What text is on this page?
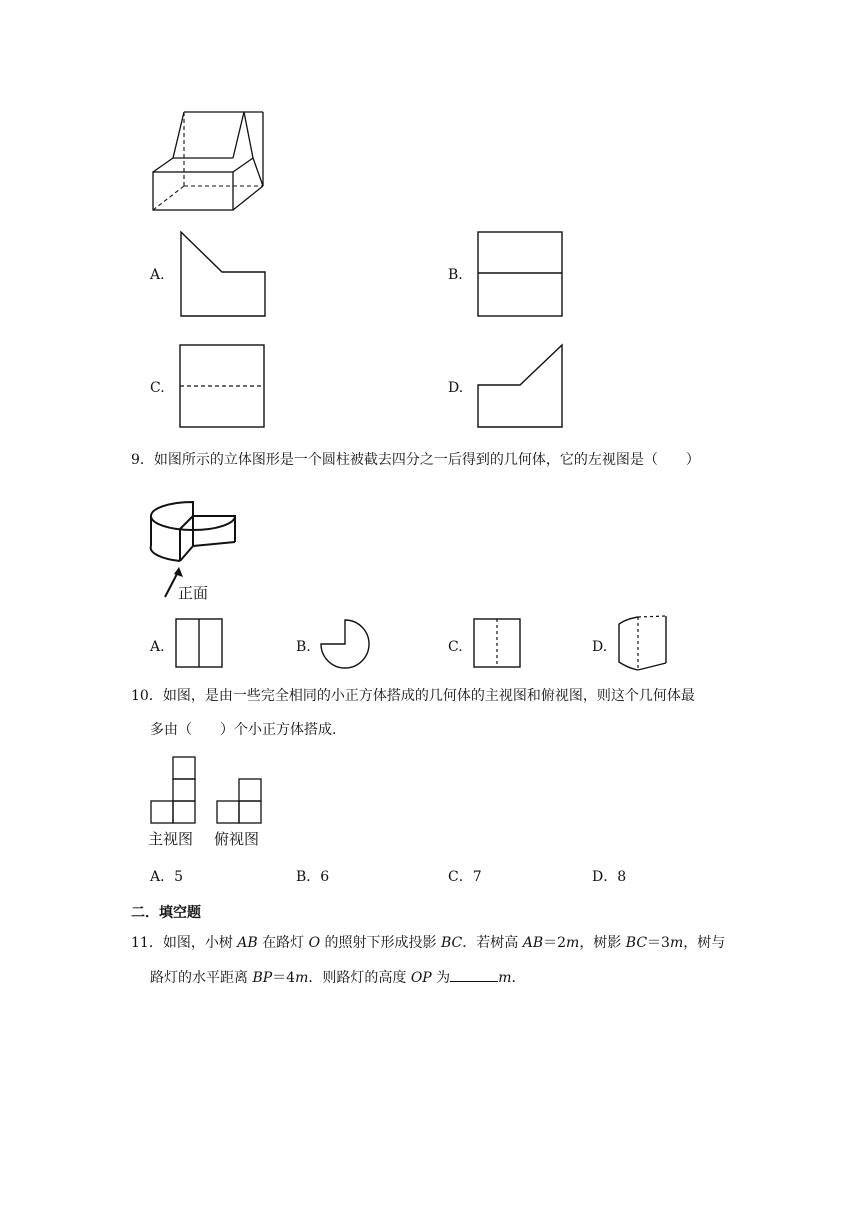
A.	B.
C.	D.
9．如图所示的立体图形是一个圆柱被截去四分之一后得到的几何体，它的左视图是（　　）
正面
A.	B.	C.	D.
10．如图，是由一些完全相同的小正方体搭成的几何体的主视图和俯视图，则这个几何体最
多由（　　）个小正方体搭成．
主视图 俯视图
A．5	B．6	C．7	D．8
二．填空题
11．如图，小树 AB 在路灯 O 的照射下形成投影 BC．若树高 AB＝2m，树影 BC＝3m，树与
路灯的水平距离 BP＝4m．则路灯的高度 OP 为	m．
